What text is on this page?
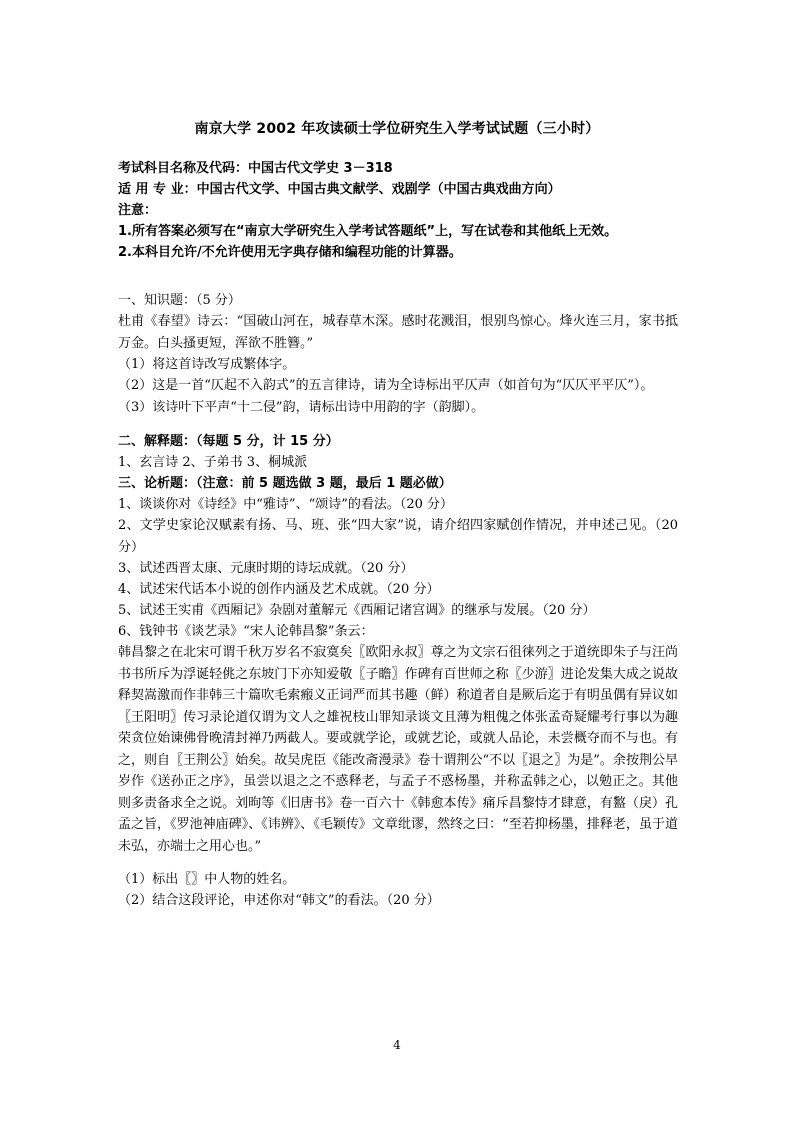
南京大学 2002 年攻读硕士学位研究生入学考试试题（三小时）
考试科目名称及代码：中国古代文学史 3－318
适 用 专 业：中国古代文学、中国古典文献学、戏剧学（中国古典戏曲方向）
注意：
1.所有答案必须写在“南京大学研究生入学考试答题纸”上，写在试卷和其他纸上无效。
2.本科目允许/不允许使用无字典存储和编程功能的计算器。
一、知识题：（5 分）
杜甫《春望》诗云：“国破山河在，城春草木深。感时花溅泪，恨别鸟惊心。烽火连三月，家书抵万金。白头搔更短，浑欲不胜簪。”
（1）将这首诗改写成繁体字。
（2）这是一首“仄起不入韵式”的五言律诗，请为全诗标出平仄声（如首句为“仄仄平平仄”）。
（3）该诗叶下平声“十二侵”韵，请标出诗中用韵的字（韵脚）。
二、解释题：（每题 5 分，计 15 分）
1、玄言诗 2、子弟书 3、桐城派
三、论析题：（注意：前 5 题选做 3 题，最后 1 题必做）
1、谈谈你对《诗经》中“雅诗”、“颂诗”的看法。（20 分）
2、文学史家论汉赋素有扬、马、班、张“四大家”说，请介绍四家赋创作情况，并申述己见。（20 分）
3、试述西晋太康、元康时期的诗坛成就。（20 分）
4、试述宋代话本小说的创作内涵及艺术成就。（20 分）
5、试述王实甫《西厢记》杂剧对董解元《西厢记诸宫调》的继承与发展。（20 分）
6、钱钟书《谈艺录》“宋人论韩昌黎”条云：
韩昌黎之在北宋可谓千秋万岁名不寂寞矣〖欧阳永叔〗尊之为文宗石徂徕列之于道统即朱子与汪尚书书所斥为浮诞轻佻之东坡门下亦知爱敬〖子瞻〗作碑有百世师之称〖少游〗进论发集大成之说故释契嵩激而作非韩三十篇吹毛索瘢义正词严而其书趣（鲜）称道者自是厥后迄于有明虽偶有异议如〖王阳明〗传习录论道仅谓为文人之雄祝枝山罪知录谈文且薄为粗傀之体张孟奇疑耀考行事以为趣荣贪位始谏佛骨晚清封禅乃两截人。要或就学论，或就艺论，或就人品论，未尝概夺而不与也。有之，则自〖王荆公〗始矣。故吴虎臣《能改斋漫录》卷十谓荆公“不以〖退之〗为是”。余按荆公早岁作《送孙正之序》，虽尝以退之之不惑释老，与孟子不惑杨墨，并称孟韩之心，以勉正之。其他则多责备求全之说。刘昫等《旧唐书》卷一百六十《韩愈本传》痛斥昌黎恃才肆意，有盭（戾）孔孟之旨，《罗池神庙碑》、《讳辨》、《毛颖传》文章纰谬，然终之曰：“至若抑杨墨，排释老，虽于道未弘，亦端士之用心也。”
（1）标出〖〗中人物的姓名。
（2）结合这段评论，申述你对“韩文”的看法。（20 分）
4
